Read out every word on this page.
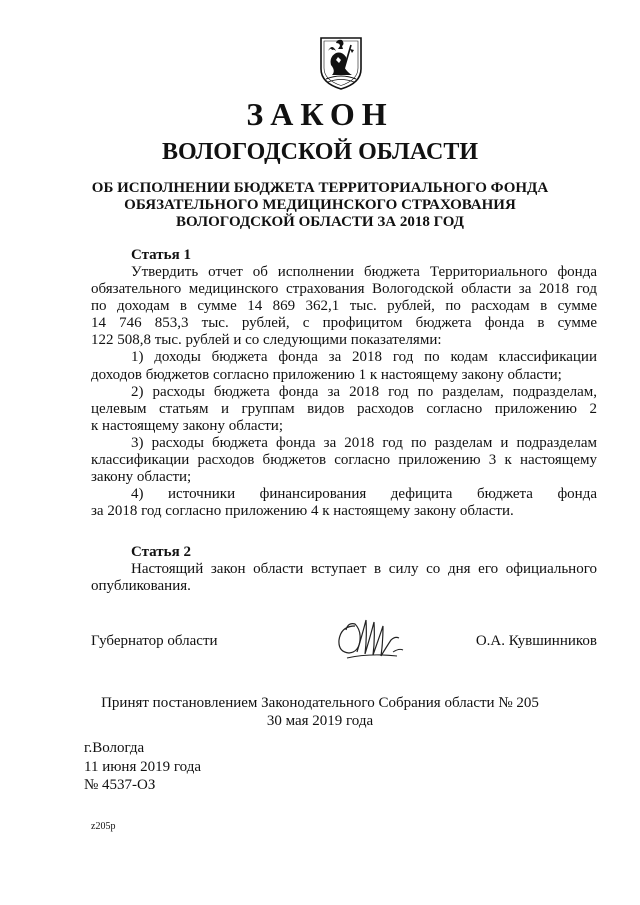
ЗАКОН
ВОЛОГОДСКОЙ ОБЛАСТИ
ОБ ИСПОЛНЕНИИ БЮДЖЕТА ТЕРРИТОРИАЛЬНОГО ФОНДА
ОБЯЗАТЕЛЬНОГО МЕДИЦИНСКОГО СТРАХОВАНИЯ
ВОЛОГОДСКОЙ ОБЛАСТИ ЗА 2018 ГОД
Статья 1
Утвердить отчет об исполнении бюджета Территориального фонда
обязательного медицинского страхования Вологодской области за 2018 год
по доходам в сумме 14 869 362,1 тыс. рублей, по расходам в сумме
14 746 853,3 тыс. рублей, с профицитом бюджета фонда в сумме
122 508,8 тыс. рублей и со следующими показателями:
1) доходы бюджета фонда за 2018 год по кодам классификации
доходов бюджетов согласно приложению 1 к настоящему закону области;
2) расходы бюджета фонда за 2018 год по разделам, подразделам,
целевым статьям и группам видов расходов согласно приложению 2
к настоящему закону области;
3) расходы бюджета фонда за 2018 год по разделам и подразделам
классификации расходов бюджетов согласно приложению 3 к настоящему
закону области;
4) источники финансирования дефицита бюджета фонда
за 2018 год согласно приложению 4 к настоящему закону области.
Статья 2
Настоящий закон области вступает в силу со дня его официального
опубликования.
Губернатор области	О.А. Кувшинников
Принят постановлением Законодательного Собрания области № 205
30 мая 2019 года
г.Вологда
11 июня 2019 года
№ 4537-ОЗ
z205p
